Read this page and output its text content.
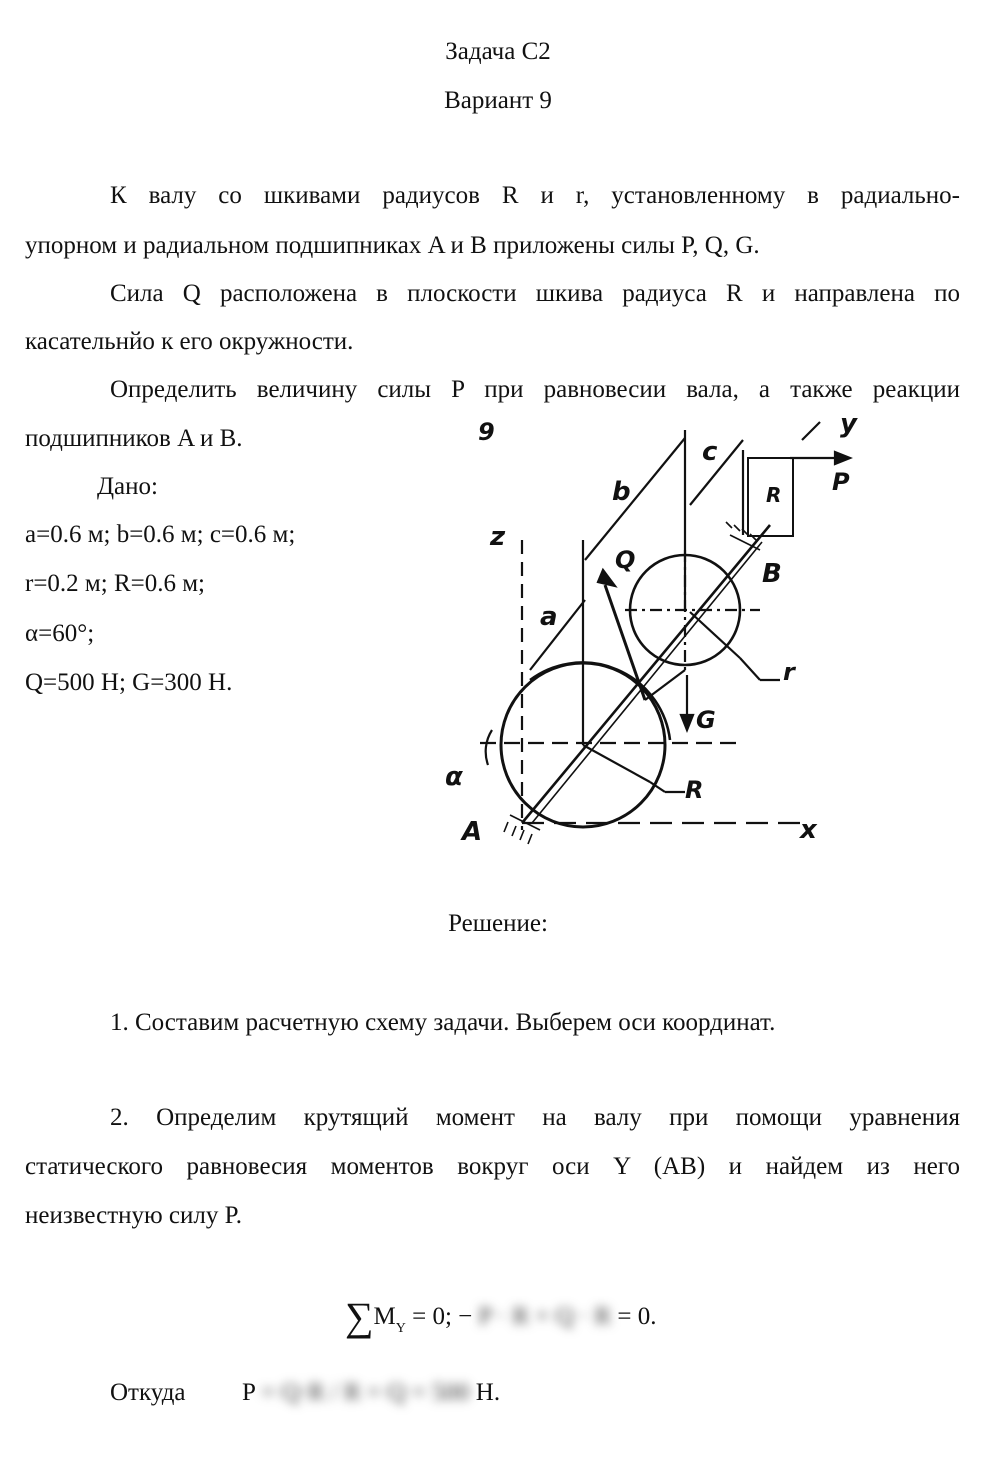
Задача С2
Вариант 9
К валу со шкивами радиусов R и r, установленному в радиально-
упорном и радиальном подшипниках A и B приложены силы P, Q, G.
Сила Q расположена в плоскости шкива радиуса R и направлена по
касательнйо к его окружности.
Определить величину силы P при равновесии вала, а также реакции
подшипников A и B.
Дано:
a=0.6 м; b=0.6 м; c=0.6 м;
r=0.2 м; R=0.6 м;
α=60°;
Q=500 Н; G=300 Н.
9
z
y
x
a
b
c
Q
G
P
R
R
r
A
B
α
Решение:
1. Составим расчетную схему задачи. Выберем оси координат.
2. Определим крутящий момент на валу при помощи уравнения
статического равновесия моментов вокруг оси Y (AB) и найдем из него
неизвестную силу P.
$\sum M_Y = 0$; − P · R + Q · R = 0.
Откуда P = Q·R / R = Q = 500 Н.
